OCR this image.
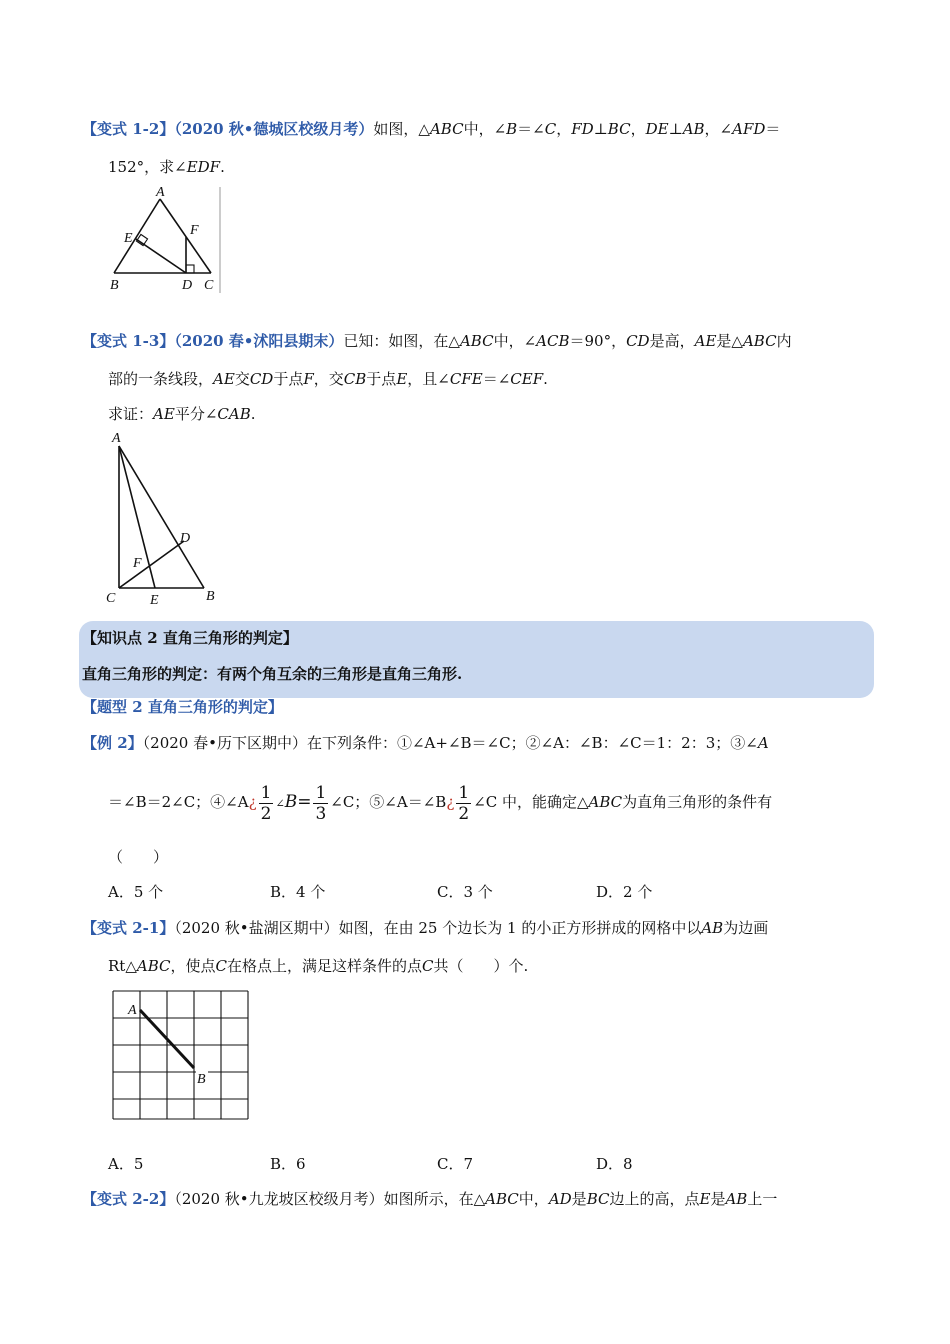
【变式 1-2】（2020 秋•德城区校级月考）如图，△ABC中，∠B＝∠C，FD⊥BC，DE⊥AB，∠AFD＝
152°，求∠EDF.
A
E
F
B	D C
【变式 1-3】（2020 春•沭阳县期末）已知：如图，在△ABC中，∠ACB＝90°，CD是高，AE是△ABC内
部的一条线段，AE交CD于点F，交CB于点E，且∠CFE＝∠CEF.
求证：AE平分∠CAB.
A
D
F
C E	B
【知识点 2 直角三角形的判定】
直角三角形的判定：有两个角互余的三角形是直角三角形.
【题型 2 直角三角形的判定】
【例 2】（2020 春•历下区期中）在下列条件：①∠A+∠B＝∠C；②∠A：∠B：∠C＝1：2：3；③∠A
＝∠B＝2∠C；④∠A¿ $\frac{1}{2}$ ∠B= $\frac{1}{3}$ ∠C；⑤∠A＝∠B¿ $\frac{1}{2}$ ∠C 中，能确定△ABC为直角三角形的条件有
（　　）
A．5 个	B．4 个	C．3 个	D．2 个
【变式 2-1】（2020 秋•盐湖区期中）如图，在由 25 个边长为 1 的小正方形拼成的网格中以AB为边画
Rt△ABC，使点C在格点上，满足这样条件的点C共（　　）个.
A
B
A．5	B．6	C．7	D．8
【变式 2-2】（2020 秋•九龙坡区校级月考）如图所示，在△ABC中，AD是BC边上的高，点E是AB上一
